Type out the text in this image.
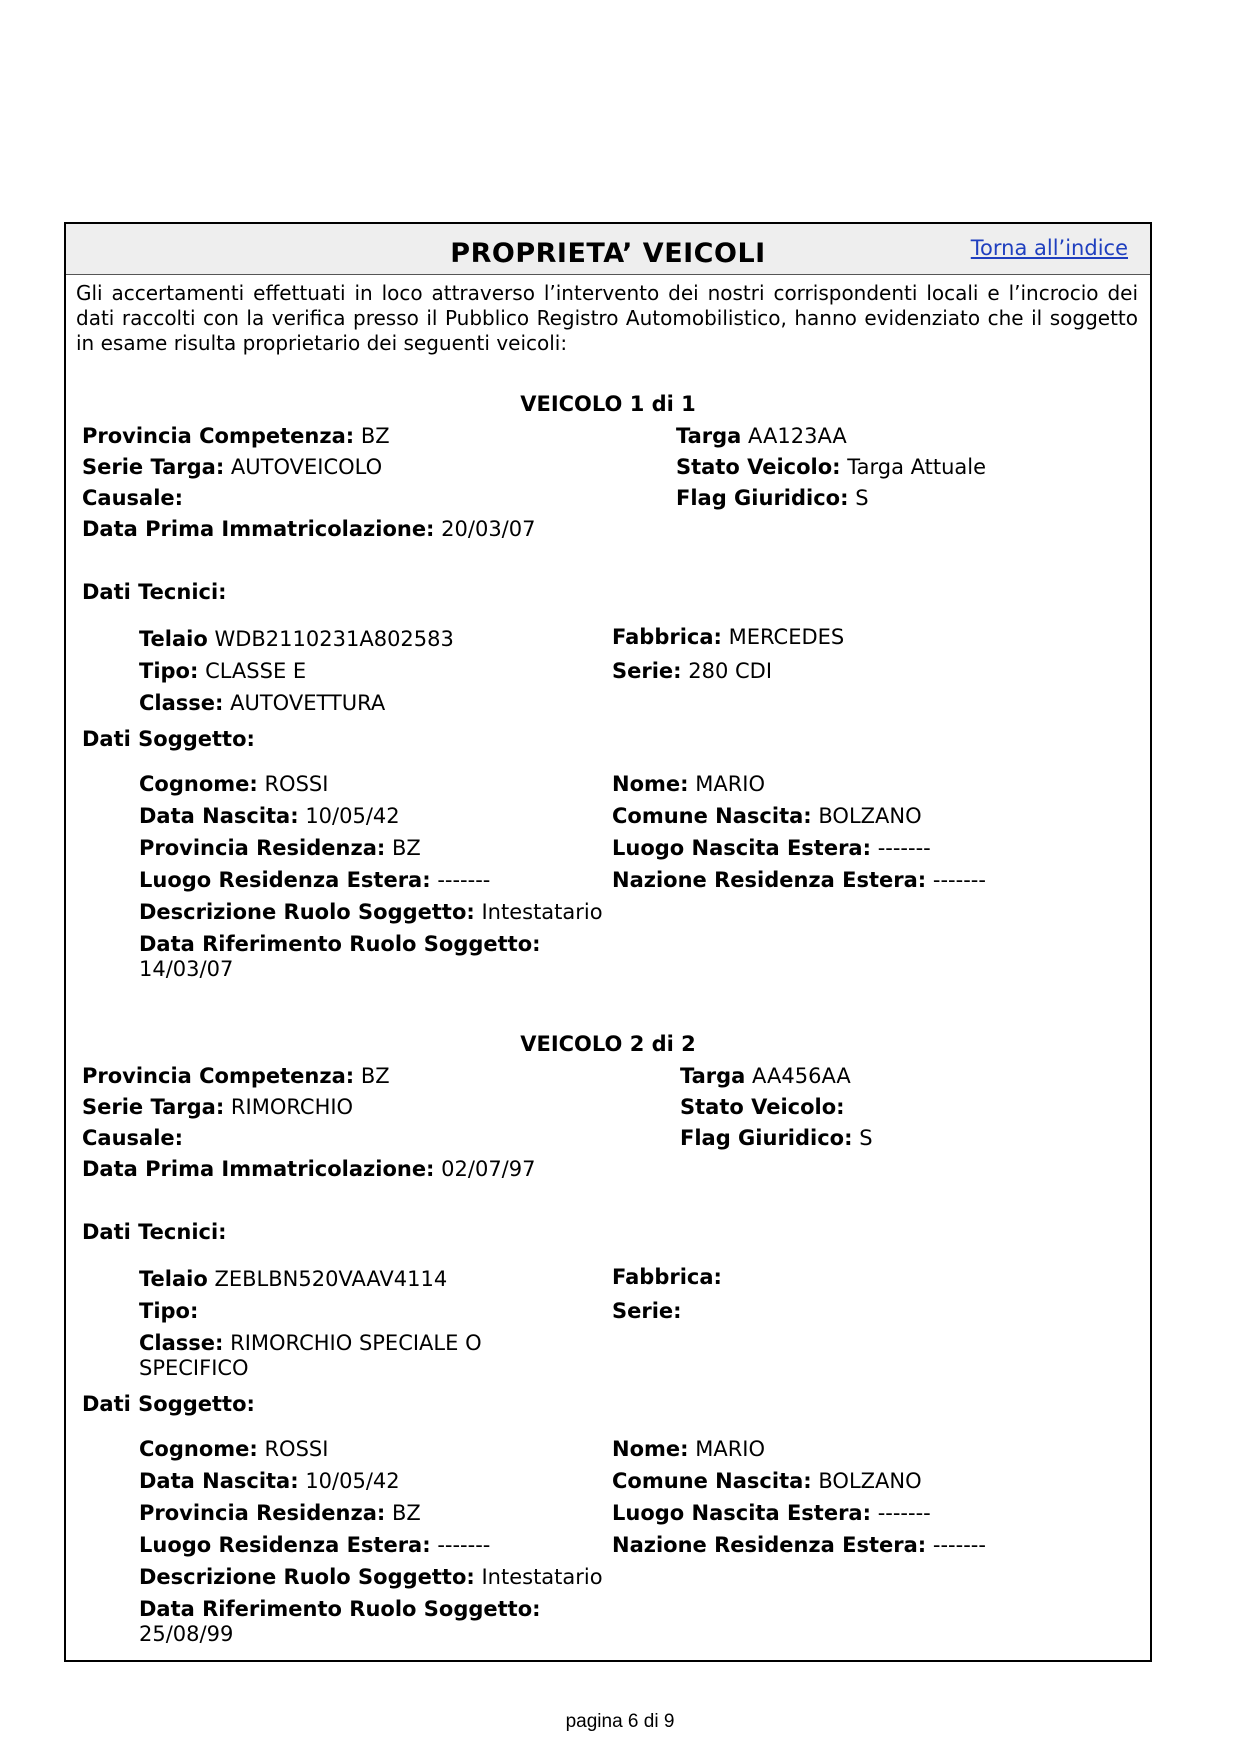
PROPRIETA’ VEICOLI	Torna all’indice
Gli accertamenti effettuati in loco attraverso l’intervento dei nostri corrispondenti locali e l’incrocio dei dati raccolti con la verifica presso il Pubblico Registro Automobilistico, hanno evidenziato che il soggetto in esame risulta proprietario dei seguenti veicoli:
VEICOLO 1 di 1
Provincia Competenza: BZ	Targa AA123AA
Serie Targa: AUTOVEICOLO	Stato Veicolo: Targa Attuale
Causale:	Flag Giuridico: S
Data Prima Immatricolazione: 20/03/07
Dati Tecnici:
Telaio WDB2110231A802583	Fabbrica: MERCEDES
Tipo: CLASSE E	Serie: 280 CDI
Classe: AUTOVETTURA
Dati Soggetto:
Cognome: ROSSI	Nome: MARIO
Data Nascita: 10/05/42	Comune Nascita: BOLZANO
Provincia Residenza: BZ	Luogo Nascita Estera: -------
Luogo Residenza Estera: -------	Nazione Residenza Estera: -------
Descrizione Ruolo Soggetto: Intestatario
Data Riferimento Ruolo Soggetto:
14/03/07
VEICOLO 2 di 2
Provincia Competenza: BZ	Targa AA456AA
Serie Targa: RIMORCHIO	Stato Veicolo:
Causale:	Flag Giuridico: S
Data Prima Immatricolazione: 02/07/97
Dati Tecnici:
Telaio ZEBLBN520VAAV4114	Fabbrica:
Tipo:	Serie:
Classe: RIMORCHIO SPECIALE O
SPECIFICO
Dati Soggetto:
Cognome: ROSSI	Nome: MARIO
Data Nascita: 10/05/42	Comune Nascita: BOLZANO
Provincia Residenza: BZ	Luogo Nascita Estera: -------
Luogo Residenza Estera: -------	Nazione Residenza Estera: -------
Descrizione Ruolo Soggetto: Intestatario
Data Riferimento Ruolo Soggetto:
25/08/99
pagina 6 di 9
